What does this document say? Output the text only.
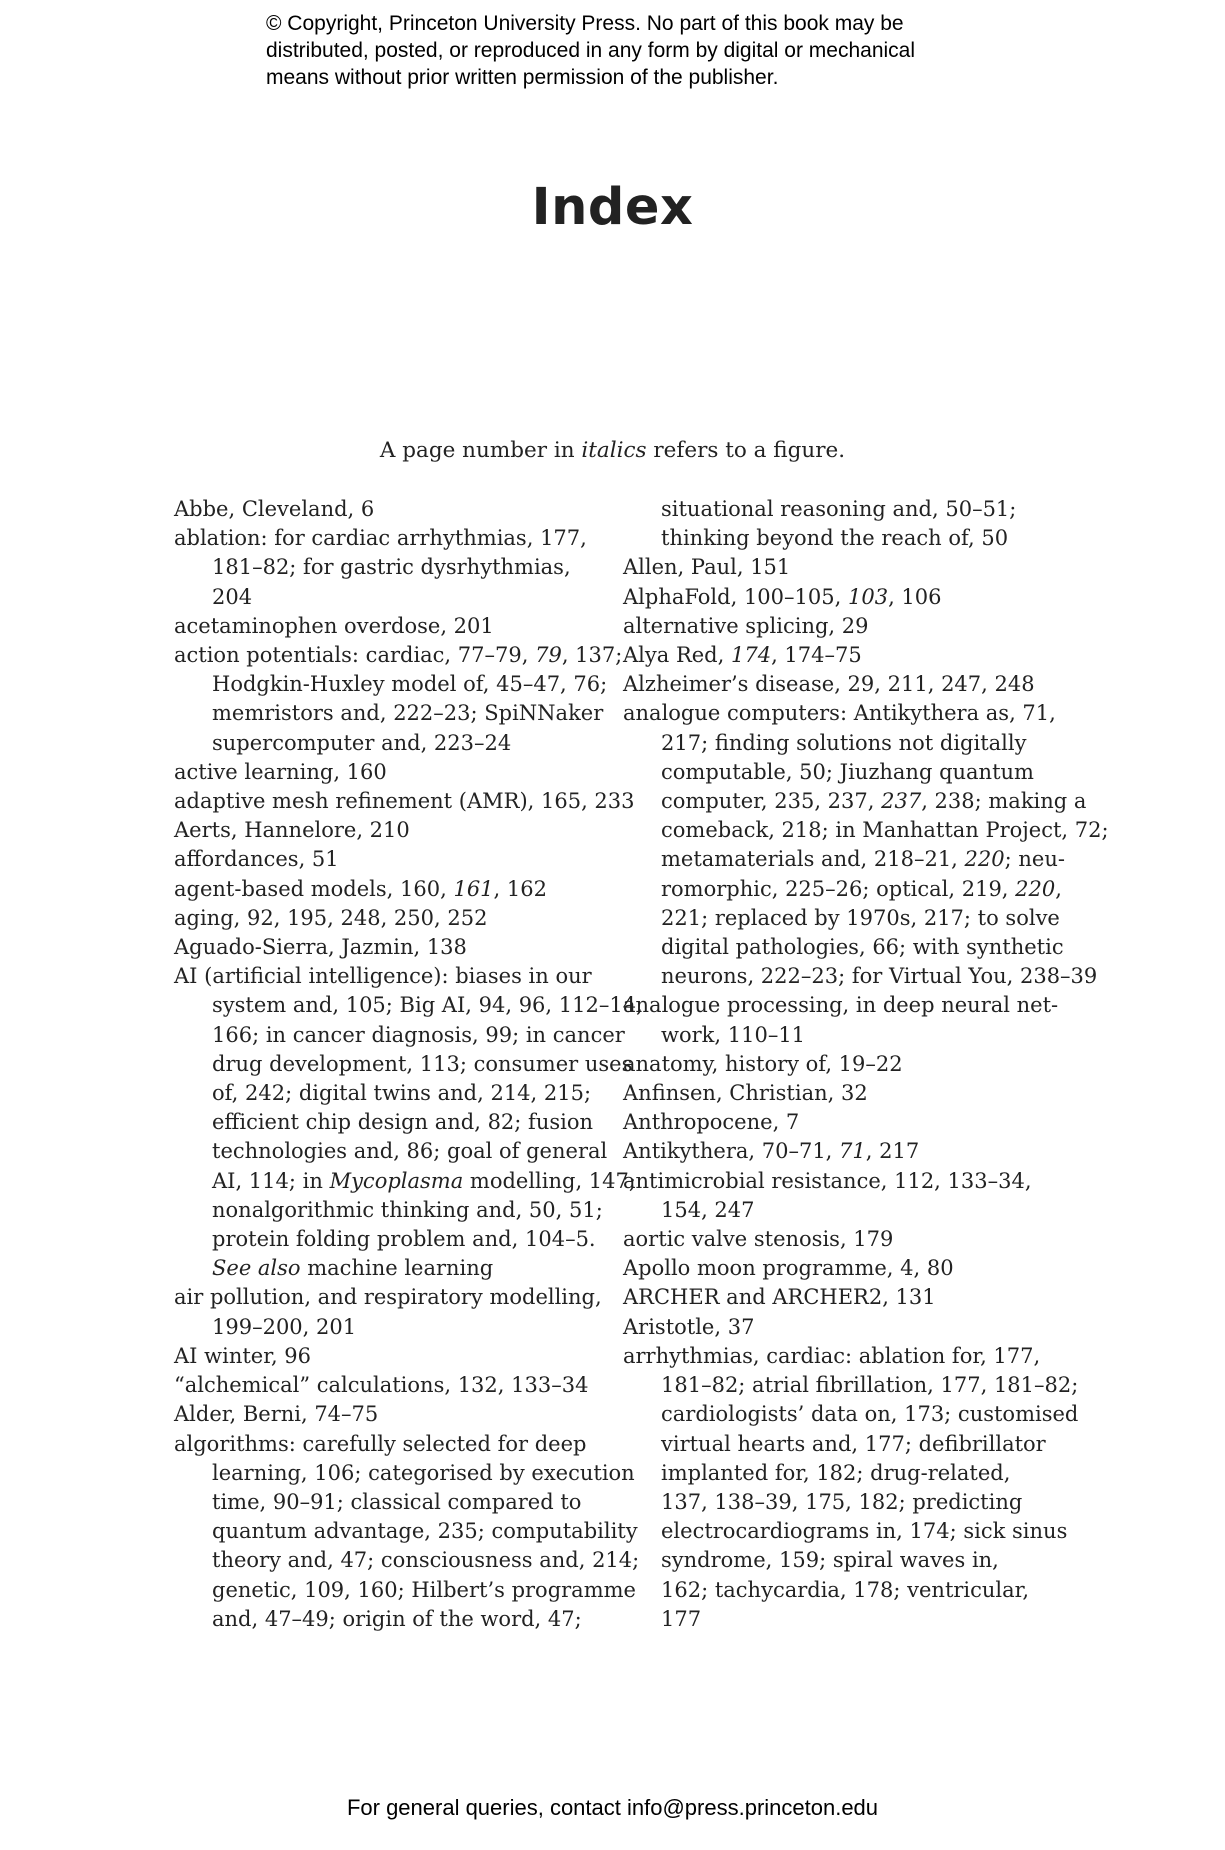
© Copyright, Princeton University Press. No part of this book may be
distributed, posted, or reproduced in any form by digital or mechanical
means without prior written permission of the publisher.
Index
A page number in italics refers to a figure.
Abbe, Cleveland, 6
ablation: for cardiac arrhythmias, 177,
181–82; for gastric dysrhythmias,
204
acetaminophen overdose, 201
action potentials: cardiac, 77–79, 79, 137;
Hodgkin-Huxley model of, 45–47, 76;
memristors and, 222–23; SpiNNaker
supercomputer and, 223–24
active learning, 160
adaptive mesh refinement (AMR), 165, 233
Aerts, Hannelore, 210
affordances, 51
agent-based models, 160, 161, 162
aging, 92, 195, 248, 250, 252
Aguado-Sierra, Jazmin, 138
AI (artificial intelligence): biases in our
system and, 105; Big AI, 94, 96, 112–14,
166; in cancer diagnosis, 99; in cancer
drug development, 113; consumer uses
of, 242; digital twins and, 214, 215;
efficient chip design and, 82; fusion
technologies and, 86; goal of general
AI, 114; in Mycoplasma modelling, 147;
nonalgorithmic thinking and, 50, 51;
protein folding problem and, 104–5.
See also machine learning
air pollution, and respiratory modelling,
199–200, 201
AI winter, 96
“alchemical” calculations, 132, 133–34
Alder, Berni, 74–75
algorithms: carefully selected for deep
learning, 106; categorised by execution
time, 90–91; classical compared to
quantum advantage, 235; computability
theory and, 47; consciousness and, 214;
genetic, 109, 160; Hilbert’s programme
and, 47–49; origin of the word, 47;
situational reasoning and, 50–51;
thinking beyond the reach of, 50
Allen, Paul, 151
AlphaFold, 100–105, 103, 106
alternative splicing, 29
Alya Red, 174, 174–75
Alzheimer’s disease, 29, 211, 247, 248
analogue computers: Antikythera as, 71,
217; finding solutions not digitally
computable, 50; Jiuzhang quantum
computer, 235, 237, 237, 238; making a
comeback, 218; in Manhattan Project, 72;
metamaterials and, 218–21, 220; neu-
romorphic, 225–26; optical, 219, 220,
221; replaced by 1970s, 217; to solve
digital pathologies, 66; with synthetic
neurons, 222–23; for Virtual You, 238–39
analogue processing, in deep neural net-
work, 110–11
anatomy, history of, 19–22
Anfinsen, Christian, 32
Anthropocene, 7
Antikythera, 70–71, 71, 217
antimicrobial resistance, 112, 133–34,
154, 247
aortic valve stenosis, 179
Apollo moon programme, 4, 80
ARCHER and ARCHER2, 131
Aristotle, 37
arrhythmias, cardiac: ablation for, 177,
181–82; atrial fibrillation, 177, 181–82;
cardiologists’ data on, 173; customised
virtual hearts and, 177; defibrillator
implanted for, 182; drug-related,
137, 138–39, 175, 182; predicting
electrocardiograms in, 174; sick sinus
syndrome, 159; spiral waves in,
162; tachycardia, 178; ventricular,
177
For general queries, contact info@press.princeton.edu
